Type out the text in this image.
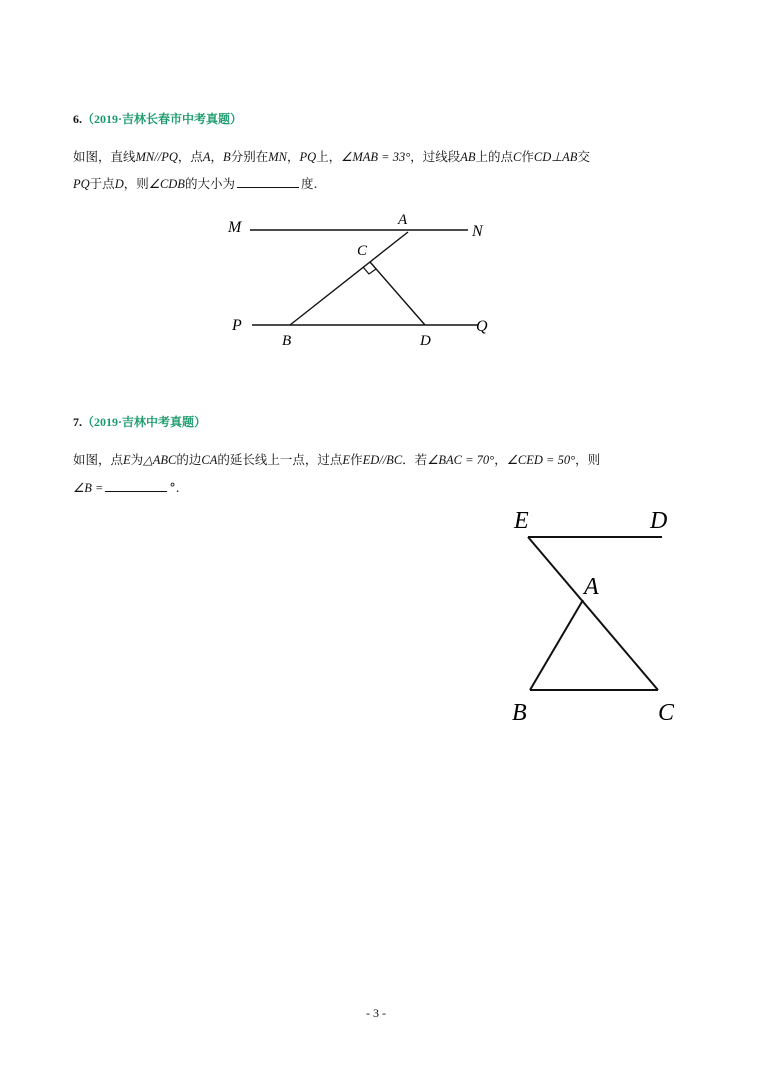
6.（2019·吉林长春市中考真题）
如图，直线MN//PQ，点A，B分别在MN，PQ上，∠MAB = 33°，过线段AB上的点C作CD⊥AB交
PQ于点D，则∠CDB的大小为	度.
M	A
N
C
P
B	D
Q
7.（2019·吉林中考真题）
如图，点E为△ABC的边CA的延长线上一点，过点E作ED//BC．若∠BAC = 70°，∠CED = 50°，则
∠B =	°.
E	D
A
B	C
- 3 -
